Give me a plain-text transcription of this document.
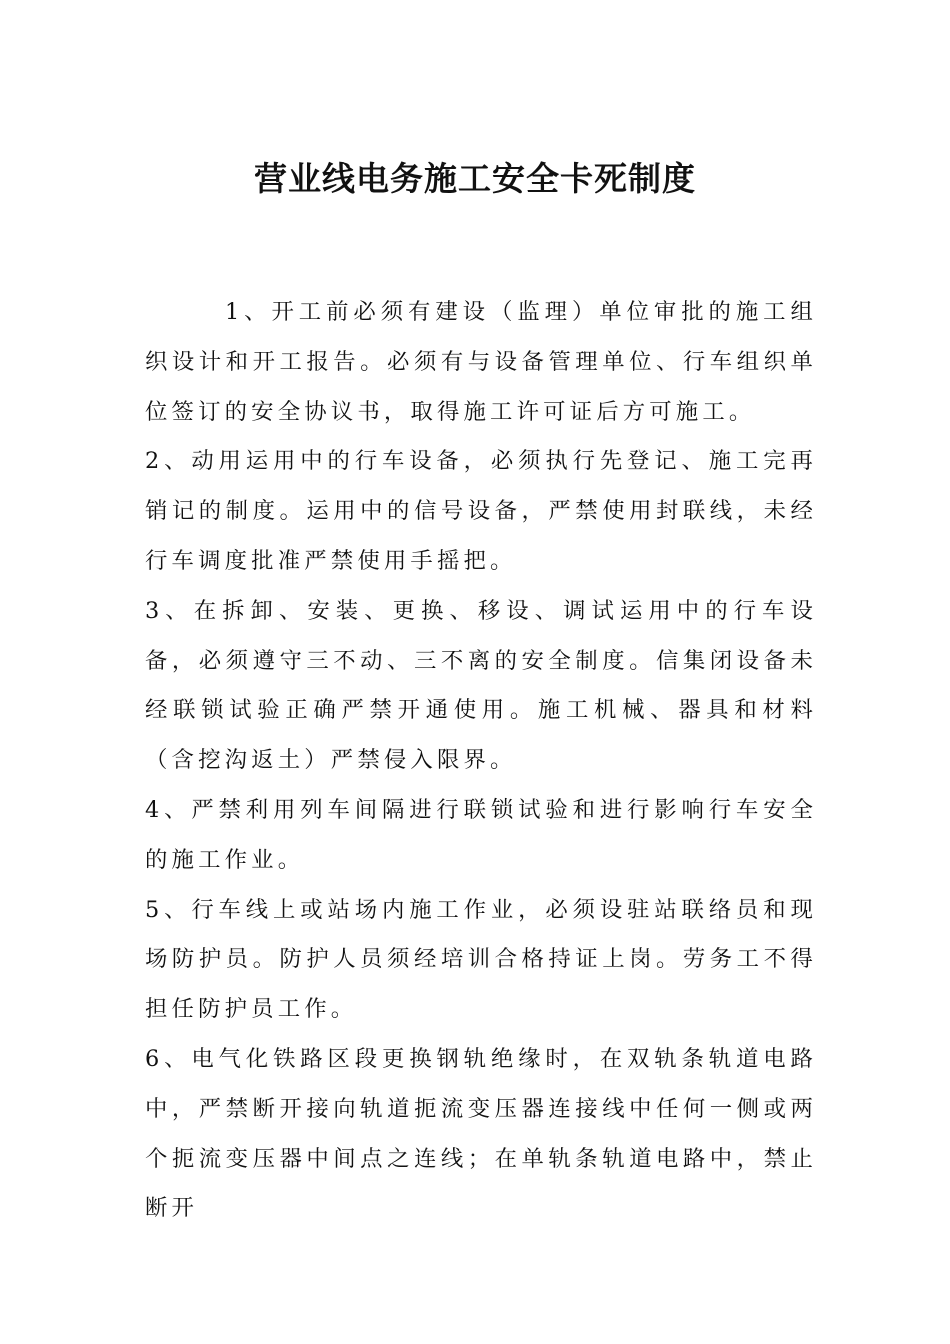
营业线电务施工安全卡死制度

1、开工前必须有建设（监理）单位审批的施工组织设计和开工报告。必须有与设备管理单位、行车组织单位签订的安全协议书，取得施工许可证后方可施工。

2、动用运用中的行车设备，必须执行先登记、施工完再销记的制度。运用中的信号设备，严禁使用封联线，未经行车调度批准严禁使用手摇把。

3、在拆卸、安装、更换、移设、调试运用中的行车设备，必须遵守三不动、三不离的安全制度。信集闭设备未经联锁试验正确严禁开通使用。施工机械、器具和材料（含挖沟返土）严禁侵入限界。

4、严禁利用列车间隔进行联锁试验和进行影响行车安全的施工作业。

5、行车线上或站场内施工作业，必须设驻站联络员和现场防护员。防护人员须经培训合格持证上岗。劳务工不得担任防护员工作。

6、电气化铁路区段更换钢轨绝缘时，在双轨条轨道电路中，严禁断开接向轨道扼流变压器连接线中任何一侧或两个扼流变压器中间点之连线；在单轨条轨道电路中，禁止断开
